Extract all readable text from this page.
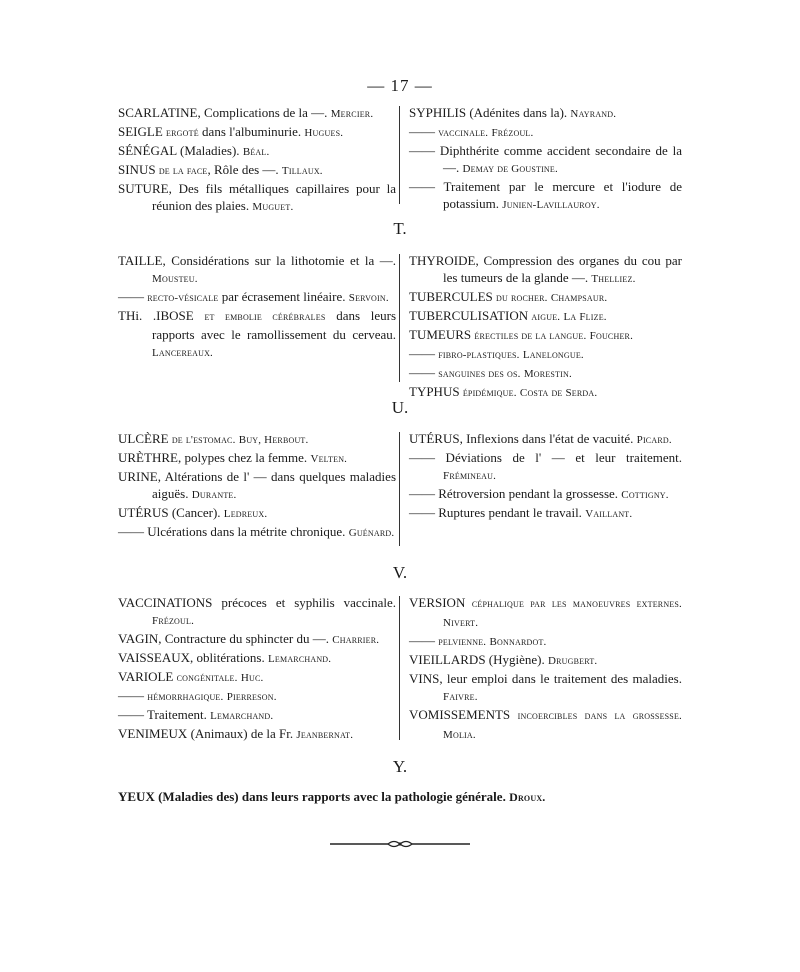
— 17 —
SCARLATINE, Complications de la —. Mercier.
SEIGLE ergoté dans l'albuminurie. Hugues.
SÉNÉGAL (Maladies). Béal.
SINUS de la face, Rôle des —. Tillaux.
SUTURE, Des fils métalliques capillaires pour la réunion des plaies. Muguet.
SYPHILIS (Adénites dans la). Nayrand.
—— vaccinale. Frézoul.
—— Diphthérite comme accident secondaire de la —. Demay de Goustine.
—— Traitement par le mercure et l'iodure de potassium. Junien-Lavillauroy.
T.
TAILLE, Considérations sur la lithotomie et la —. Mousteu.
—— recto-vésicale par écrasement linéaire. Servoin.
THi. .IBOSE et embolie cérébrales dans leurs rapports avec le ramollissement du cerveau. Lancereaux.
THYROIDE, Compression des organes du cou par les tumeurs de la glande —. Thelliez.
TUBERCULES du rocher. Champsaur.
TUBERCULISATION aigue. La Flize.
TUMEURS érectiles de la langue. Foucher.
—— fibro-plastiques. Lanelongue.
—— sanguines des os. Morestin.
TYPHUS épidémique. Costa de Serda.
U.
ULCÈRE de l'estomac. Buy, Herbout.
URÈTHRE, polypes chez la femme. Velten.
URINE, Altérations de l' — dans quelques maladies aiguës. Durante.
UTÉRUS (Cancer). Ledreux.
—— Ulcérations dans la métrite chronique. Guénard.
UTÉRUS, Inflexions dans l'état de vacuité. Picard.
—— Déviations de l' — et leur traitement. Frémineau.
—— Rétroversion pendant la grossesse. Cottigny.
—— Ruptures pendant le travail. Vaillant.
V.
VACCINATIONS précoces et syphilis vaccinale. Frézoul.
VAGIN, Contracture du sphincter du —. Charrier.
VAISSEAUX, oblitérations. Lemarchand.
VARIOLE congénitale. Huc.
—— hémorrhagique. Pierreson.
—— Traitement. Lemarchand.
VENIMEUX (Animaux) de la Fr. Jeanbernat.
VERSION céphalique par les manoeuvres externes. Nivert.
—— pelvienne. Bonnardot.
VIEILLARDS (Hygiène). Drugbert.
VINS, leur emploi dans le traitement des maladies. Faivre.
VOMISSEMENTS incoercibles dans la grossesse. Molia.
Y.
YEUX (Maladies des) dans leurs rapports avec la pathologie générale. Droux.
